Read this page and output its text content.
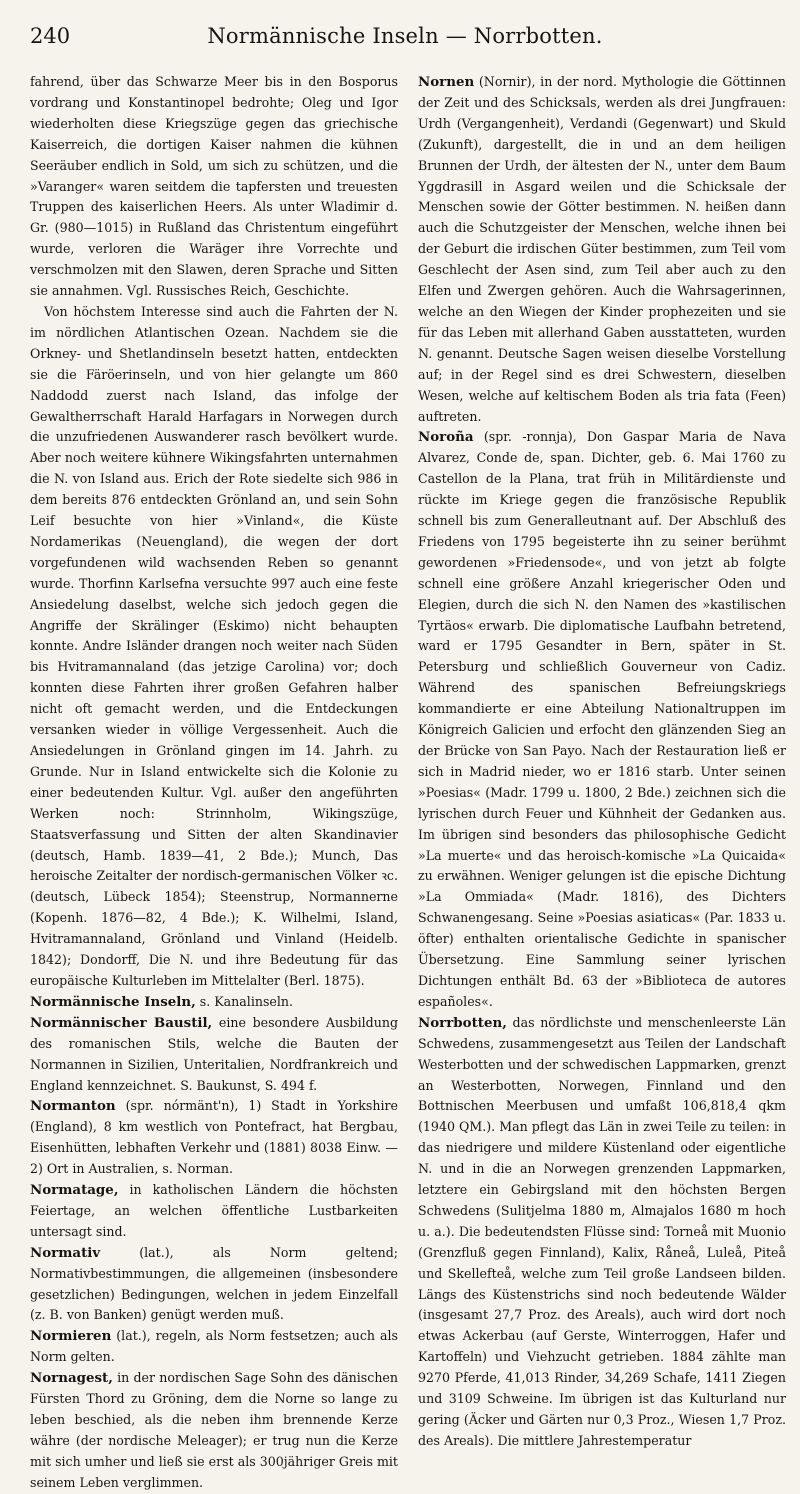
240	Normännische Inseln — Norrbotten.

fahrend, über das Schwarze Meer bis in den Bosporus vordrang und Konstantinopel bedrohte; Oleg und Igor wiederholten diese Kriegszüge gegen das griechische Kaiserreich, die dortigen Kaiser nahmen die kühnen Seeräuber endlich in Sold, um sich zu schützen, und die »Varanger« waren seitdem die tapfersten und treuesten Truppen des kaiserlichen Heers. Als unter Wladimir d. Gr. (980—1015) in Rußland das Christentum eingeführt wurde, verloren die Waräger ihre Vorrechte und verschmolzen mit den Slawen, deren Sprache und Sitten sie annahmen. Vgl. Russisches Reich, Geschichte.

Von höchstem Interesse sind auch die Fahrten der N. im nördlichen Atlantischen Ozean. Nachdem sie die Orkney- und Shetlandinseln besetzt hatten, entdeckten sie die Färöerinseln, und von hier gelangte um 860 Naddodd zuerst nach Island, das infolge der Gewaltherrschaft Harald Harfagars in Norwegen durch die unzufriedenen Auswanderer rasch bevölkert wurde. Aber noch weitere kühnere Wikingsfahrten unternahmen die N. von Island aus. Erich der Rote siedelte sich 986 in dem bereits 876 entdeckten Grönland an, und sein Sohn Leif besuchte von hier »Vinland«, die Küste Nordamerikas (Neuengland), die wegen der dort vorgefundenen wild wachsenden Reben so genannt wurde. Thorfinn Karlsefna versuchte 997 auch eine feste Ansiedelung daselbst, welche sich jedoch gegen die Angriffe der Skrälinger (Eskimo) nicht behaupten konnte. Andre Isländer drangen noch weiter nach Süden bis Hvitramannaland (das jetzige Carolina) vor; doch konnten diese Fahrten ihrer großen Gefahren halber nicht oft gemacht werden, und die Entdeckungen versanken wieder in völlige Vergessenheit. Auch die Ansiedelungen in Grönland gingen im 14. Jahrh. zu Grunde. Nur in Island entwickelte sich die Kolonie zu einer bedeutenden Kultur. Vgl. außer den angeführten Werken noch: Strinnholm, Wikingszüge, Staatsverfassung und Sitten der alten Skandinavier (deutsch, Hamb. 1839—41, 2 Bde.); Munch, Das heroische Zeitalter der nordisch-germanischen Völker ꝛc. (deutsch, Lübeck 1854); Steenstrup, Normannerne (Kopenh. 1876—82, 4 Bde.); K. Wilhelmi, Island, Hvitramannaland, Grönland und Vinland (Heidelb. 1842); Dondorff, Die N. und ihre Bedeutung für das europäische Kulturleben im Mittelalter (Berl. 1875).

Normännische Inseln, s. Kanalinseln.

Normännischer Baustil, eine besondere Ausbildung des romanischen Stils, welche die Bauten der Normannen in Sizilien, Unteritalien, Nordfrankreich und England kennzeichnet. S. Baukunst, S. 494 f.

Normanton (spr. nórmänt'n), 1) Stadt in Yorkshire (England), 8 km westlich von Pontefract, hat Bergbau, Eisenhütten, lebhaften Verkehr und (1881) 8038 Einw. — 2) Ort in Australien, s. Norman.

Normatage, in katholischen Ländern die höchsten Feiertage, an welchen öffentliche Lustbarkeiten untersagt sind.

Normativ (lat.), als Norm geltend; Normativbestimmungen, die allgemeinen (insbesondere gesetzlichen) Bedingungen, welchen in jedem Einzelfall (z. B. von Banken) genügt werden muß.

Normieren (lat.), regeln, als Norm festsetzen; auch als Norm gelten.

Nornagest, in der nordischen Sage Sohn des dänischen Fürsten Thord zu Gröning, dem die Norne so lange zu leben beschied, als die neben ihm brennende Kerze währe (der nordische Meleager); er trug nun die Kerze mit sich umher und ließ sie erst als 300jähriger Greis mit seinem Leben verglimmen.

Nornen (Nornir), in der nord. Mythologie die Göttinnen der Zeit und des Schicksals, werden als drei Jungfrauen: Urdh (Vergangenheit), Verdandi (Gegenwart) und Skuld (Zukunft), dargestellt, die in und an dem heiligen Brunnen der Urdh, der ältesten der N., unter dem Baum Yggdrasill in Asgard weilen und die Schicksale der Menschen sowie der Götter bestimmen. N. heißen dann auch die Schutzgeister der Menschen, welche ihnen bei der Geburt die irdischen Güter bestimmen, zum Teil vom Geschlecht der Asen sind, zum Teil aber auch zu den Elfen und Zwergen gehören. Auch die Wahrsagerinnen, welche an den Wiegen der Kinder prophezeiten und sie für das Leben mit allerhand Gaben ausstatteten, wurden N. genannt. Deutsche Sagen weisen dieselbe Vorstellung auf; in der Regel sind es drei Schwestern, dieselben Wesen, welche auf keltischem Boden als tria fata (Feen) auftreten.

Noroña (spr. -ronnja), Don Gaspar Maria de Nava Alvarez, Conde de, span. Dichter, geb. 6. Mai 1760 zu Castellon de la Plana, trat früh in Militärdienste und rückte im Kriege gegen die französische Republik schnell bis zum Generalleutnant auf. Der Abschluß des Friedens von 1795 begeisterte ihn zu seiner berühmt gewordenen »Friedensode«, und von jetzt ab folgte schnell eine größere Anzahl kriegerischer Oden und Elegien, durch die sich N. den Namen des »kastilischen Tyrtäos« erwarb. Die diplomatische Laufbahn betretend, ward er 1795 Gesandter in Bern, später in St. Petersburg und schließlich Gouverneur von Cadiz. Während des spanischen Befreiungskriegs kommandierte er eine Abteilung Nationaltruppen im Königreich Galicien und erfocht den glänzenden Sieg an der Brücke von San Payo. Nach der Restauration ließ er sich in Madrid nieder, wo er 1816 starb. Unter seinen »Poesias« (Madr. 1799 u. 1800, 2 Bde.) zeichnen sich die lyrischen durch Feuer und Kühnheit der Gedanken aus. Im übrigen sind besonders das philosophische Gedicht »La muerte« und das heroisch-komische »La Quicaida« zu erwähnen. Weniger gelungen ist die epische Dichtung »La Ommiada« (Madr. 1816), des Dichters Schwanengesang. Seine »Poesias asiaticas« (Par. 1833 u. öfter) enthalten orientalische Gedichte in spanischer Übersetzung. Eine Sammlung seiner lyrischen Dichtungen enthält Bd. 63 der »Biblioteca de autores españoles«.

Norrbotten, das nördlichste und menschenleerste Län Schwedens, zusammengesetzt aus Teilen der Landschaft Westerbotten und der schwedischen Lappmarken, grenzt an Westerbotten, Norwegen, Finnland und den Bottnischen Meerbusen und umfaßt 106,818,4 qkm (1940 QM.). Man pflegt das Län in zwei Teile zu teilen: in das niedrigere und mildere Küstenland oder eigentliche N. und in die an Norwegen grenzenden Lappmarken, letztere ein Gebirgsland mit den höchsten Bergen Schwedens (Sulitjelma 1880 m, Almajalos 1680 m hoch u. a.). Die bedeutendsten Flüsse sind: Torneå mit Muonio (Grenzfluß gegen Finnland), Kalix, Råneå, Luleå, Piteå und Skellefteå, welche zum Teil große Landseen bilden. Längs des Küstenstrichs sind noch bedeutende Wälder (insgesamt 27,7 Proz. des Areals), auch wird dort noch etwas Ackerbau (auf Gerste, Winterroggen, Hafer und Kartoffeln) und Viehzucht getrieben. 1884 zählte man 9270 Pferde, 41,013 Rinder, 34,269 Schafe, 1411 Ziegen und 3109 Schweine. Im übrigen ist das Kulturland nur gering (Äcker und Gärten nur 0,3 Proz., Wiesen 1,7 Proz. des Areals). Die mittlere Jahrestemperatur
